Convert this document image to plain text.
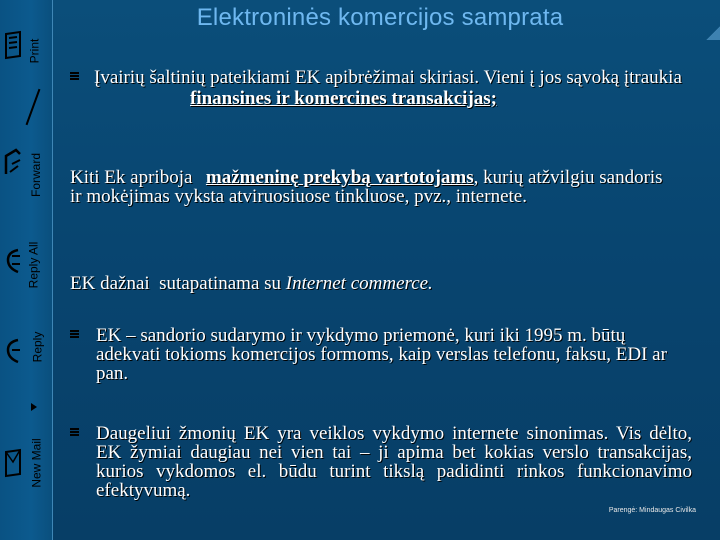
Print
Forward
Reply All
Reply
New Mail
Elektroninės komercijos samprata
Įvairių šaltinių pateikiami EK apibrėžimai skiriasi. Vieni į jos sąvoką įtraukia
finansines ir komercines transakcijas;
Kiti Ek apriboja mažmeninę prekybą vartotojams, kurių atžvilgiu sandoris ir mokėjimas vyksta atviruosiuose tinkluose, pvz., internete.
EK dažnai  sutapatinama su Internet commerce.
EK – sandorio sudarymo ir vykdymo priemonė, kuri iki 1995 m. būtų adekvati tokioms komercijos formoms, kaip verslas telefonu, faksu, EDI ar pan.
Daugeliui žmonių EK yra veiklos vykdymo internete sinonimas. Vis dėlto, EK žymiai daugiau nei vien tai – ji apima bet kokias verslo transakcijas, kurios vykdomos el. būdu turint tikslą padidinti rinkos funkcionavimo efektyvumą.
Parengė: Mindaugas Civilka
